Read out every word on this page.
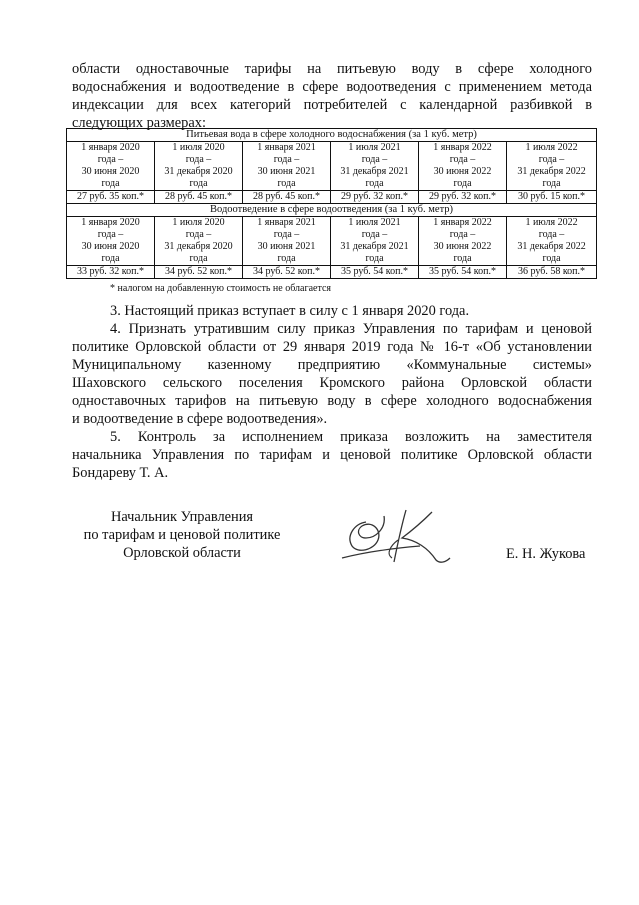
области одноставочные тарифы на питьевую воду в сфере холодного
водоснабжения и водоотведение в сфере водоотведения с применением метода
индексации для всех категорий потребителей с календарной разбивкой в
следующих размерах:
Питьевая вода в сфере холодного водоснабжения (за 1 куб. метр)					

1 января 2020
года –
30 июня 2020
года	1 июля 2020
года –
31 декабря 2020
года	1 января 2021
года –
30 июня 2021
года	1 июля 2021
года –
31 декабря 2021
года	1 января 2022
года –
30 июня 2022
года	1 июля 2022
года –
31 декабря 2022
года

27 руб. 35 коп.*	28 руб. 45 коп.*	28 руб. 45 коп.*	29 руб. 32 коп.*	29 руб. 32 коп.*	30 руб. 15 коп.*
Водоотведение в сфере водоотведения (за 1 куб. метр)					

1 января 2020
года –
30 июня 2020
года	1 июля 2020
года –
31 декабря 2020
года	1 января 2021
года –
30 июня 2021
года	1 июля 2021
года –
31 декабря 2021
года	1 января 2022
года –
30 июня 2022
года	1 июля 2022
года –
31 декабря 2022
года

33 руб. 32 коп.*	34 руб. 52 коп.*	34 руб. 52 коп.*	35 руб. 54 коп.*	35 руб. 54 коп.*	36 руб. 58 коп.*
* налогом на добавленную стоимость не облагается
3. Настоящий приказ вступает в силу с 1 января 2020 года.
4. Признать утратившим силу приказ Управления по тарифам и ценовой
политике Орловской области от 29 января 2019 года № 16-т «Об установлении
Муниципальному казенному предприятию «Коммунальные системы»
Шаховского сельского поселения Кромского района Орловской области
одноставочных тарифов на питьевую воду в сфере холодного водоснабжения
и водоотведение в сфере водоотведения».
5. Контроль за исполнением приказа возложить на заместителя
начальника Управления по тарифам и ценовой политике Орловской области
Бондареву Т. А.
Начальник Управления
по тарифам и ценовой политике
Орловской области	Е. Н. Жукова
